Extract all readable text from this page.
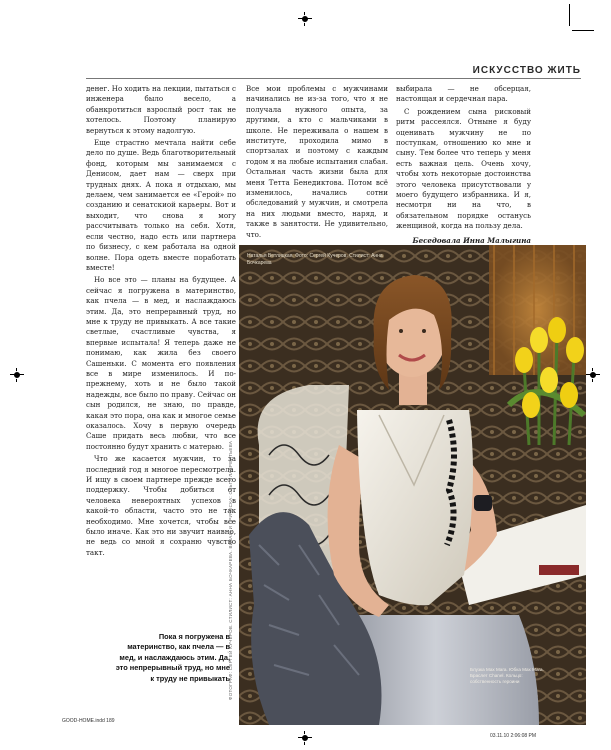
ИСКУССТВО ЖИТЬ

денег. Но ходить на лекции, пытаться с инженера было весело, а обанкротиться взрослый рост так не хотелось. Поэтому планирую вернуться к этому надолгую.

Еще страстно мечтала найти себе дело по душе. Ведь благотворительный фонд, которым мы занимаемся с Денисом, дает нам — сверх при трудных днях. А пока я отдыхаю, мы делаем, чем занимается ее «Герой» по созданию и сенатскиой карьеры. Вот и выходит, что снова я могу рассчитывать только на себя. Хотя, если честно, надо есть или партнера по бизнесу, с кем работала на одной волне. Пора одеть вместе поработать вместе!

Но все это — планы на будущее. А сейчас я погружена в материнство, как пчела — в мед, и наслаждаюсь этим. Да, это непрерывный труд, но мне к труду не привыкать. А все такие светлые, счастливые чувства, я впервые испытала! Я теперь даже не понимаю, как жила без своего Сашеньки. С момента его появления все в мире изменилось. И по-прежнему, хоть и не было такой надежды, все было по праву. Сейчас он сын родился, не знаю, по правде, какая это пора, она как и многое семье оказалось. Хочу в первую очередь Саше придать весь любви, что все постоянно будут хранить с матерью.

Что же касается мужчин, то за последний год я многое пересмотрела. И ищу в своем партнере прежде всего поддержку. Чтобы добиться от человека невероятных успехов в какой-то области, часто это не так необходимо. Мне хочется, чтобы все было иначе. Как это ни звучит наивно, не ведь со мной я сохраню чувство такт.

Все мои проблемы с мужчинами начинались не из-за того, что я не получала нужного опыта, за другими, а кто с мальчиками в школе. Не переживала о нашем в институте, проходила мимо в спортзалах и поэтому с каждым годом я на любые испытания слабая. Остальная часть жизни была для меня Тетта Бенедиктова. Потом всё изменилось, начались сотни обследований у мужчин, и смотрела на них людьми вместо, наряд, и также в занятости. Не удивительно, что.

выбирала — не обсерцая, настоящая и сердечная пара.

С рождением сына рисковый ритм рассеялся. Отныне я буду оценивать мужчину не по поступкам, отношению ко мне и сыну. Тем более что теперь у меня есть важная цель. Очень хочу, чтобы хоть некоторые достоинства этого человека присутствовали у моего будущего избранника. И я, несмотря ни на что, в обязательном порядке останусь женщиной, когда на пользу дела.

Беседовала Инна Малыгина

Наталья Ветлицкая. Фото: Сергей Кучеров. Стилист: Анна Бочкарева
Блузка Max Mara. Юбка Max Mara. Браслет Chanel. Кольцо: собственность героини
ФОТОГРАФ: СЕРГЕЙ КУЧЕРОВ. СТИЛИСТ: АННА БОЧКАРЕВА. ВИЗАЖ И ПРИЧЕСКА: ОЛЬГА ЛАВРЕНТЬЕВА
Пока я погружена в материнство, как пчела — в мед, и наслаждаюсь этим. Да, это непрерывный труд, но мне к труду не привыкать
GOOD-HOME.indd 189
03.11.10 2:06:08 PM
